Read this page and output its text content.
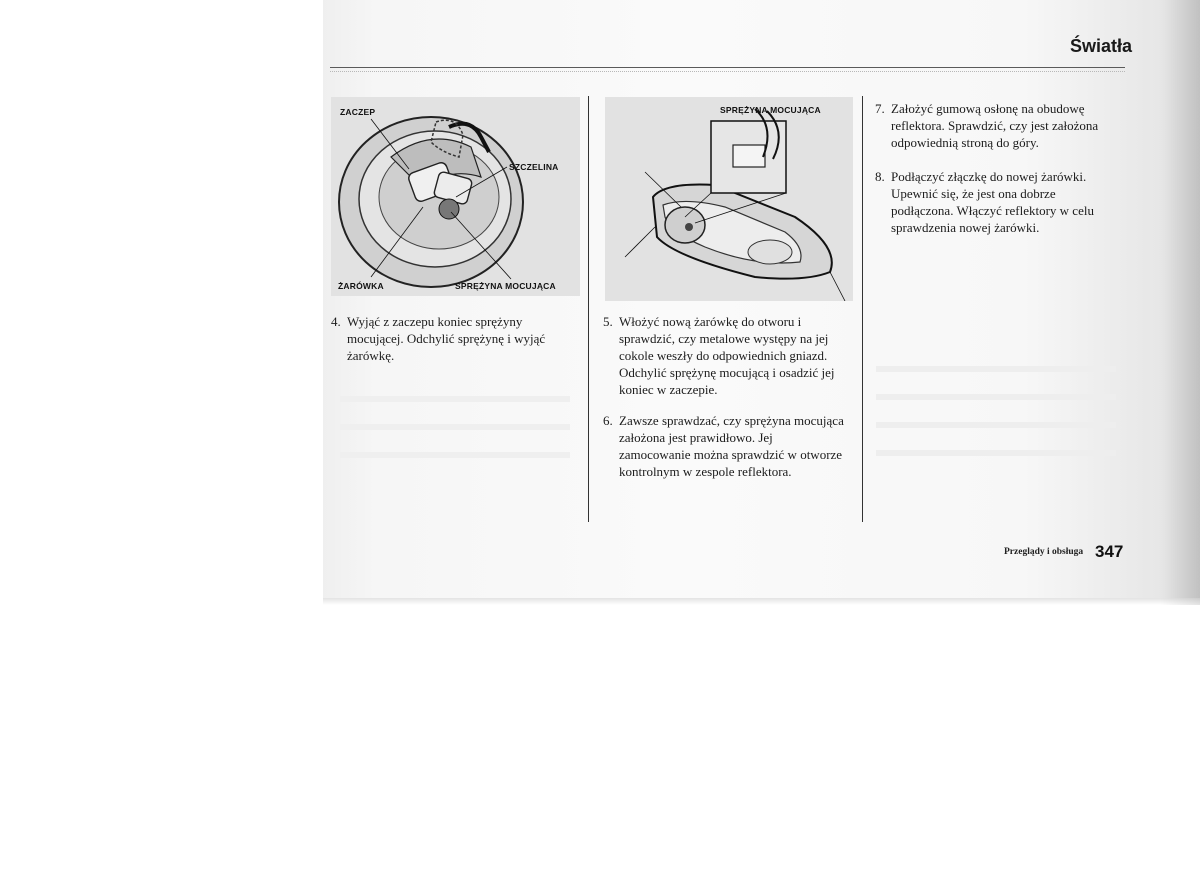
Światła
ZACZEP
SZCZELINA
ŻARÓWKA	SPRĘŻYNA MOCUJĄCA
SPRĘŻYNA MOCUJĄCA
4. Wyjąć z zaczepu koniec sprężyny
mocującej. Odchylić sprężynę i wyjąć
żarówkę.
5. Włożyć nową żarówkę do otworu i
sprawdzić, czy metalowe występy na jej
cokole weszły do odpowiednich gniazd.
Odchylić sprężynę mocującą i osadzić jej
koniec w zaczepie.
6. Zawsze sprawdzać, czy sprężyna mocująca
założona jest prawidłowo. Jej
zamocowanie można sprawdzić w otworze
kontrolnym w zespole reflektora.
7. Założyć gumową osłonę na obudowę
reflektora. Sprawdzić, czy jest założona
odpowiednią stroną do góry.
8. Podłączyć złączkę do nowej żarówki.
Upewnić się, że jest ona dobrze
podłączona. Włączyć reflektory w celu
sprawdzenia nowej żarówki.
Przeglądy i obsługa 347
